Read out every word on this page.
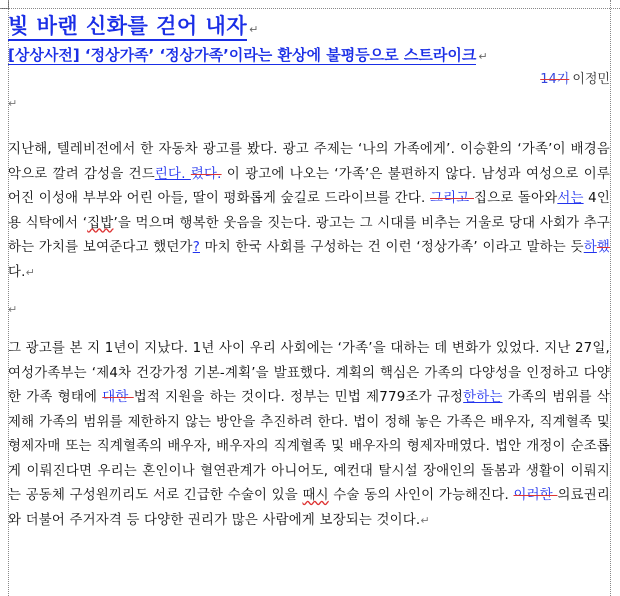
빛 바랜 신화를 걷어 내자 ↵
[상상사전] ‘정상가족’ ‘정상가족’이라는 환상에 불평등으로 스트라이크 ↵
14기 이정민
↵

지난해, 텔레비전에서 한 자동차 광고를 봤다. 광고 주제는 ‘나의 가족에게’. 이승환의 ‘가족’이 배경음악으로 깔려 감성을 건드린다. 렸다. 이 광고에 나오는 ‘가족’은 불편하지 않다. 남성과 여성으로 이루어진 이성애 부부와 어린 아들, 딸이 평화롭게 숲길로 드라이브를 간다. 그리고 집으로 돌아와서는 4인용 식탁에서 ‘집밥’을 먹으며 행복한 웃음을 짓는다. 광고는 그 시대를 비추는 거울로 당대 사회가 추구하는 가치를 보여준다고 했던가? 마치 한국 사회를 구성하는 건 이런 ‘정상가족’ 이라고 말하는 듯하했다.↵

↵

그 광고를 본 지 1년이 지났다. 1년 사이 우리 사회에는 ‘가족’을 대하는 데 변화가 있었다. 지난 27일, 여성가족부는 ‘제4차 건강가정 기본-계획’을 발표했다. 계획의 핵심은 가족의 다양성을 인정하고 다양한 가족 형태에 대한 법적 지원을 하는 것이다. 정부는 민법 제779조가 규정한하는 가족의 범위를 삭제해 가족의 범위를 제한하지 않는 방안을 추진하려 한다. 법이 정해 놓은 가족은 배우자, 직계혈족 및 형제자매 또는 직계혈족의 배우자, 배우자의 직계혈족 및 배우자의 형제자매였다. 법안 개정이 순조롭게 이뤄진다면 우리는 혼인이나 혈연관계가 아니어도, 예컨대 탈시설 장애인의 돌봄과 생활이 이뤄지는 공동체 구성원끼리도 서로 긴급한 수술이 있을 때시 수술 동의 사인이 가능해진다. 이러한 의료권리와 더불어 주거자격 등 다양한 권리가 많은 사람에게 보장되는 것이다.↵
